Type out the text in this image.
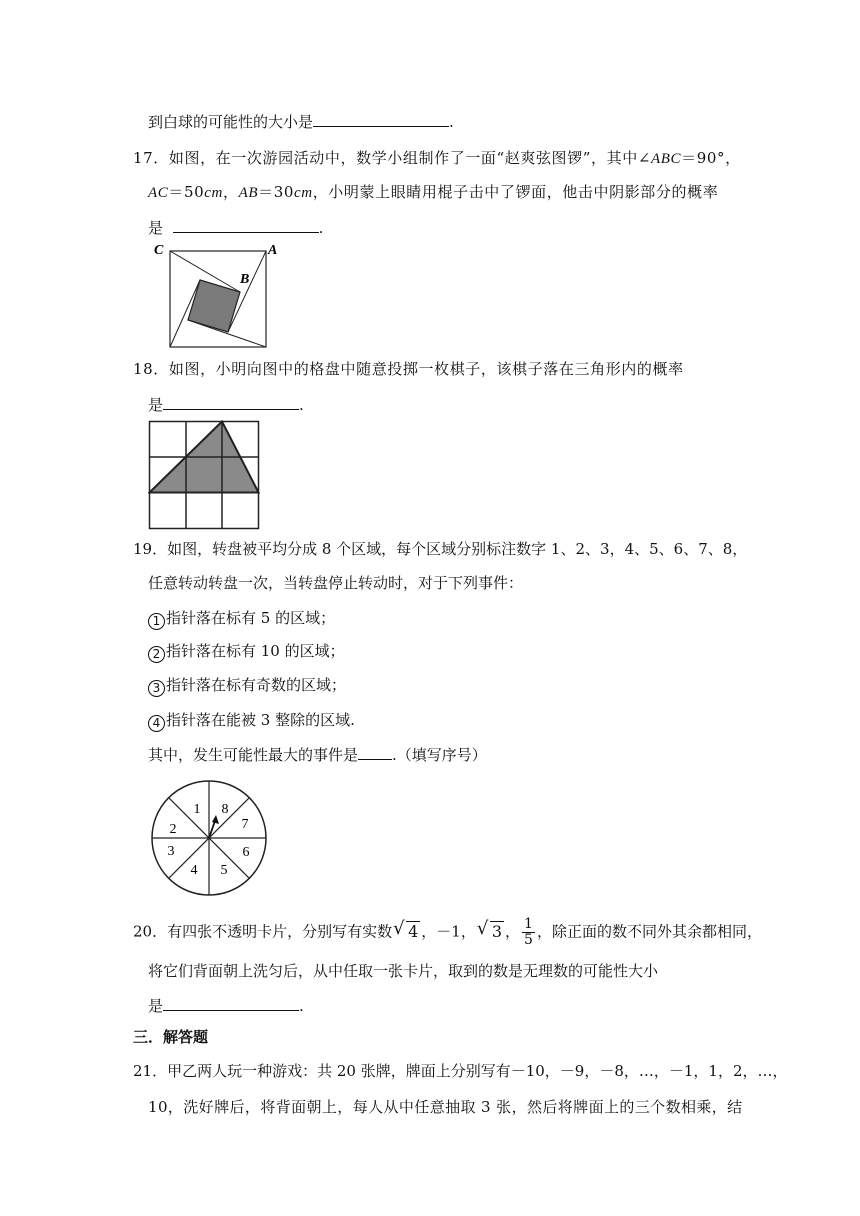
到白球的可能性的大小是	.
17．如图，在一次游园活动中，数学小组制作了一面“赵爽弦图锣”，其中∠ABC＝90°，
AC＝50cm，AB＝30cm，小明蒙上眼睛用棍子击中了锣面，他击中阴影部分的概率
是	.
C	A
B
18．如图，小明向图中的格盘中随意投掷一枚棋子，该棋子落在三角形内的概率
是	.
19．如图，转盘被平均分成 8 个区域，每个区域分别标注数字 1、2、3，4、5、6、7、8，
任意转动转盘一次，当转盘停止转动时，对于下列事件：
1 指针落在标有 5 的区域；
2 指针落在标有 10 的区域；
3 指针落在标有奇数的区域；
4 指针落在能被 3 整除的区域.
其中，发生可能性最大的事件是 .（填写序号）
1 8
2	7
3	6
4 5
20．有四张不透明卡片，分别写有实数 √ 4 ，－1， √ 3 ， $\frac{1}{5}$ ，除正面的数不同外其余都相同，
将它们背面朝上洗匀后，从中任取一张卡片，取到的数是无理数的可能性大小
是	.
三．解答题
21．甲乙两人玩一种游戏：共 20 张牌，牌面上分别写有－10，－9，－8，…，－1，1，2，…，
10，洗好牌后，将背面朝上，每人从中任意抽取 3 张，然后将牌面上的三个数相乘，结
